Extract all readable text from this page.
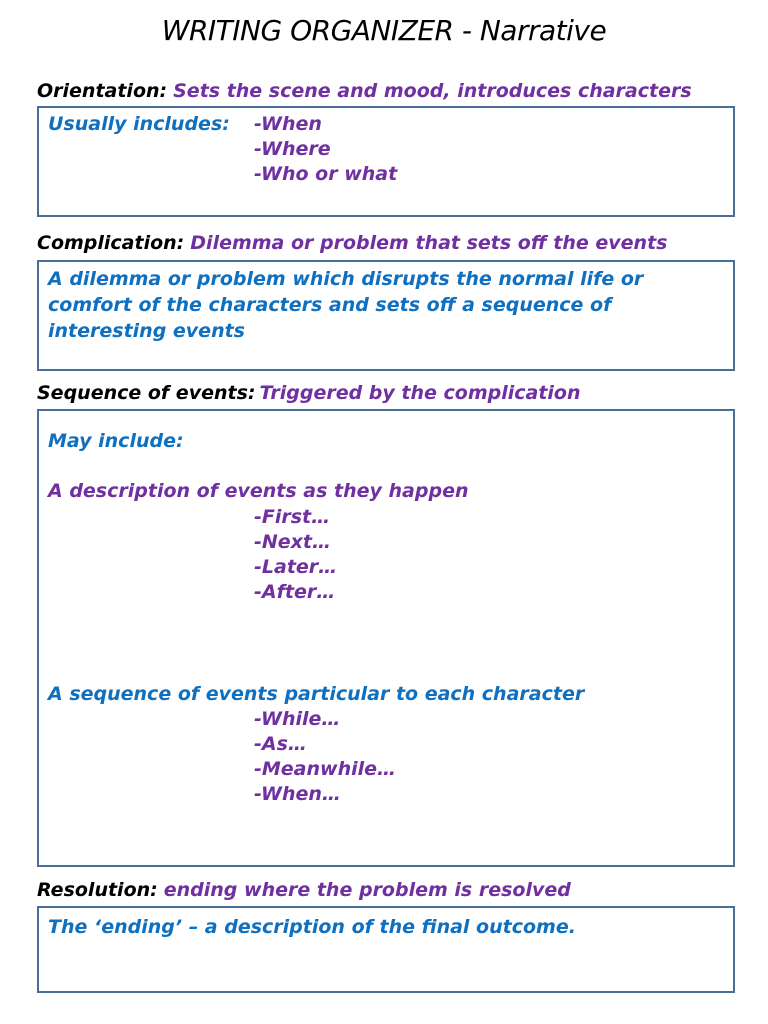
WRITING ORGANIZER - Narrative
Orientation: Sets the scene and mood, introduces characters
Usually includes: -When
-Where
-Who or what
Complication: Dilemma or problem that sets off the events
A dilemma or problem which disrupts the normal life or
comfort of the characters and sets off a sequence of
interesting events
Sequence of events: Triggered by the complication
May include:
A description of events as they happen
-First…
-Next…
-Later…
-After…
A sequence of events particular to each character
-While…
-As…
-Meanwhile…
-When…
Resolution: ending where the problem is resolved
The ‘ending’ – a description of the final outcome.
